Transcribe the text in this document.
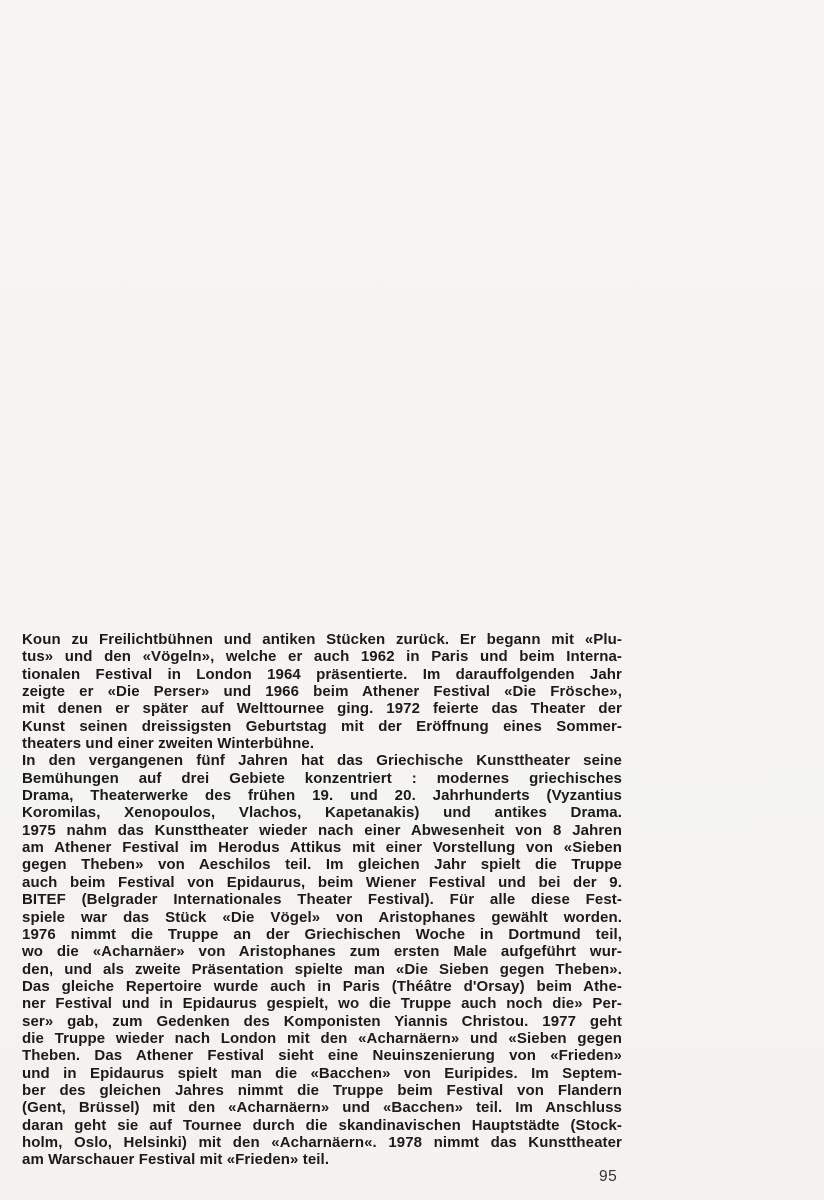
Koun zu Freilichtbühnen und antiken Stücken zurück. Er begann mit «Plu-
tus» und den «Vögeln», welche er auch 1962 in Paris und beim Interna-
tionalen Festival in London 1964 präsentierte. Im darauffolgenden Jahr
zeigte er «Die Perser» und 1966 beim Athener Festival «Die Frösche»,
mit denen er später auf Welttournee ging. 1972 feierte das Theater der
Kunst seinen dreissigsten Geburtstag mit der Eröffnung eines Sommer-
theaters und einer zweiten Winterbühne.
In den vergangenen fünf Jahren hat das Griechische Kunsttheater seine
Bemühungen auf drei Gebiete konzentriert : modernes griechisches
Drama, Theaterwerke des frühen 19. und 20. Jahrhunderts (Vyzantius
Koromilas, Xenopoulos, Vlachos, Kapetanakis) und antikes Drama.
1975 nahm das Kunsttheater wieder nach einer Abwesenheit von 8 Jahren
am Athener Festival im Herodus Attikus mit einer Vorstellung von «Sieben
gegen Theben» von Aeschilos teil. Im gleichen Jahr spielt die Truppe
auch beim Festival von Epidaurus, beim Wiener Festival und bei der 9.
BITEF (Belgrader Internationales Theater Festival). Für alle diese Fest-
spiele war das Stück «Die Vögel» von Aristophanes gewählt worden.
1976 nimmt die Truppe an der Griechischen Woche in Dortmund teil,
wo die «Acharnäer» von Aristophanes zum ersten Male aufgeführt wur-
den, und als zweite Präsentation spielte man «Die Sieben gegen Theben».
Das gleiche Repertoire wurde auch in Paris (Théâtre d'Orsay) beim Athe-
ner Festival und in Epidaurus gespielt, wo die Truppe auch noch die» Per-
ser» gab, zum Gedenken des Komponisten Yiannis Christou. 1977 geht
die Truppe wieder nach London mit den «Acharnäern» und «Sieben gegen
Theben. Das Athener Festival sieht eine Neuinszenierung von «Frieden»
und in Epidaurus spielt man die «Bacchen» von Euripides. Im Septem-
ber des gleichen Jahres nimmt die Truppe beim Festival von Flandern
(Gent, Brüssel) mit den «Acharnäern» und «Bacchen» teil. Im Anschluss
daran geht sie auf Tournee durch die skandinavischen Hauptstädte (Stock-
holm, Oslo, Helsinki) mit den «Acharnäern«. 1978 nimmt das Kunsttheater
am Warschauer Festival mit «Frieden» teil.
95
